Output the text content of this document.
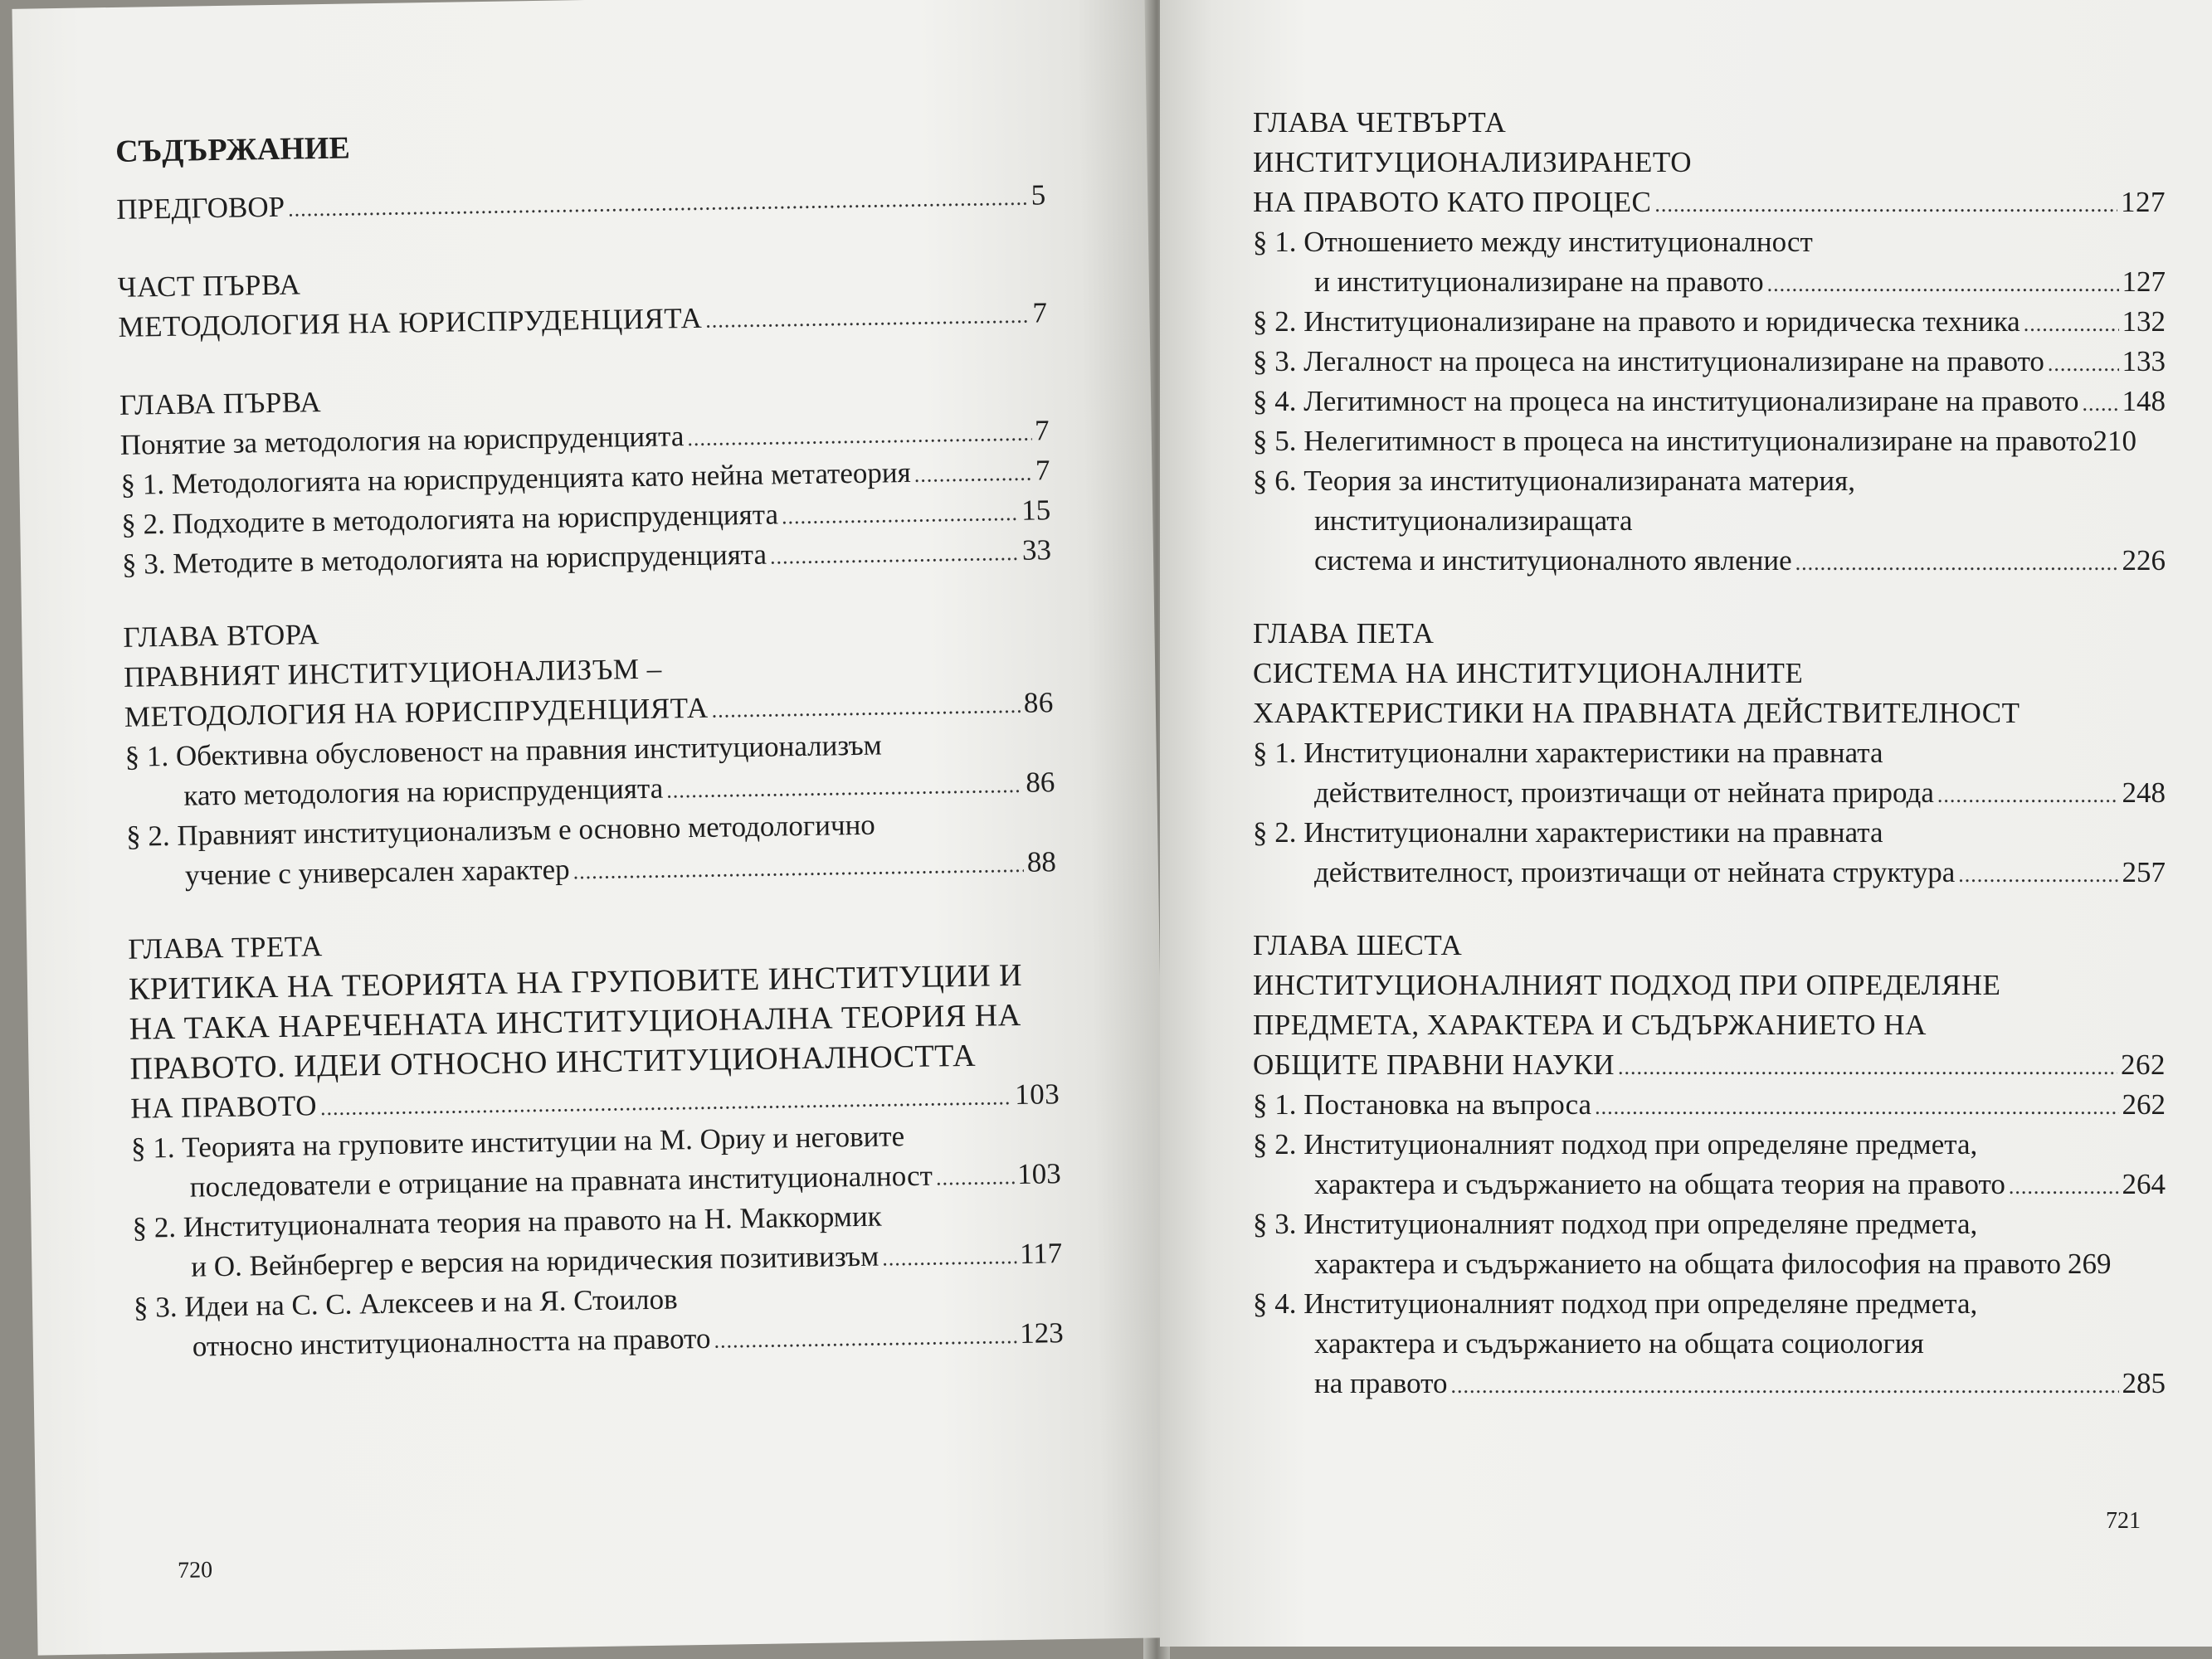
СЪДЪРЖАНИЕ
ПРЕДГОВОР .....	5
ЧАСТ ПЪРВА
МЕТОДОЛОГИЯ НА ЮРИСПРУДЕНЦИЯТА .....	7
ГЛАВА ПЪРВА
Понятие за методология на юриспруденцията .....	7
§ 1. Методологията на юриспруденцията като нейна метатеория .....	7
§ 2. Подходите в методологията на юриспруденцията .....	15
§ 3. Методите в методологията на юриспруденцията .....	33
ГЛАВА ВТОРА
ПРАВНИЯТ ИНСТИТУЦИОНАЛИЗЪМ –
МЕТОДОЛОГИЯ НА ЮРИСПРУДЕНЦИЯТА .....	86
§ 1. Обективна обусловеност на правния институционализъм
като методология на юриспруденцията .....	86
§ 2. Правният институционализъм е основно методологично
учение с универсален характер .....	88
ГЛАВА ТРЕТА
КРИТИКА НА ТЕОРИЯТА НА ГРУПОВИТЕ ИНСТИТУЦИИ И
НА ТАКА НАРЕЧЕНАТА ИНСТИТУЦИОНАЛНА ТЕОРИЯ НА
ПРАВОТО. ИДЕИ ОТНОСНО ИНСТИТУЦИОНАЛНОСТТА
НА ПРАВОТО .....	103
§ 1. Теорията на груповите институции на М. Ориу и неговите
последователи е отрицание на правната институционалност .....	103
§ 2. Институционалната теория на правото на Н. Маккормик
и О. Вейнбергер е версия на юридическия позитивизъм .....	117
§ 3. Идеи на С. С. Алексеев и на Я. Стоилов
относно институционалността на правото .....	123
720
ГЛАВА ЧЕТВЪРТА
ИНСТИТУЦИОНАЛИЗИРАНЕТО
НА ПРАВОТО КАТО ПРОЦЕС .....	127
§ 1. Отношението между институционалност
и институционализиране на правото .....	127
§ 2. Институционализиране на правото и юридическа техника .....	132
§ 3. Легалност на процеса на институционализиране на правото .....	133
§ 4. Легитимност на процеса на институционализиране на правото ..... 148
§ 5. Нелегитимност в процеса на институционализиране на правото 210
§ 6. Теория за институционализираната материя,
институционализиращата
система и институционалното явление .....	226
ГЛАВА ПЕТА
СИСТЕМА НА ИНСТИТУЦИОНАЛНИТЕ
ХАРАКТЕРИСТИКИ НА ПРАВНАТА ДЕЙСТВИТЕЛНОСТ
§ 1. Институционални характеристики на правната
действителност, произтичащи от нейната природа .....	248
§ 2. Институционални характеристики на правната
действителност, произтичащи от нейната структура .....	257
ГЛАВА ШЕСТА
ИНСТИТУЦИОНАЛНИЯТ ПОДХОД ПРИ ОПРЕДЕЛЯНЕ
ПРЕДМЕТА, ХАРАКТЕРА И СЪДЪРЖАНИЕТО НА
ОБЩИТЕ ПРАВНИ НАУКИ .....	262
§ 1. Постановка на въпроса .....	262
§ 2. Институционалният подход при определяне предмета,
характера и съдържанието на общата теория на правото .....	264
§ 3. Институционалният подход при определяне предмета,
характера и съдържанието на общата философия на правото 269
§ 4. Институционалният подход при определяне предмета,
характера и съдържанието на общата социология
на правото .....	285
721
